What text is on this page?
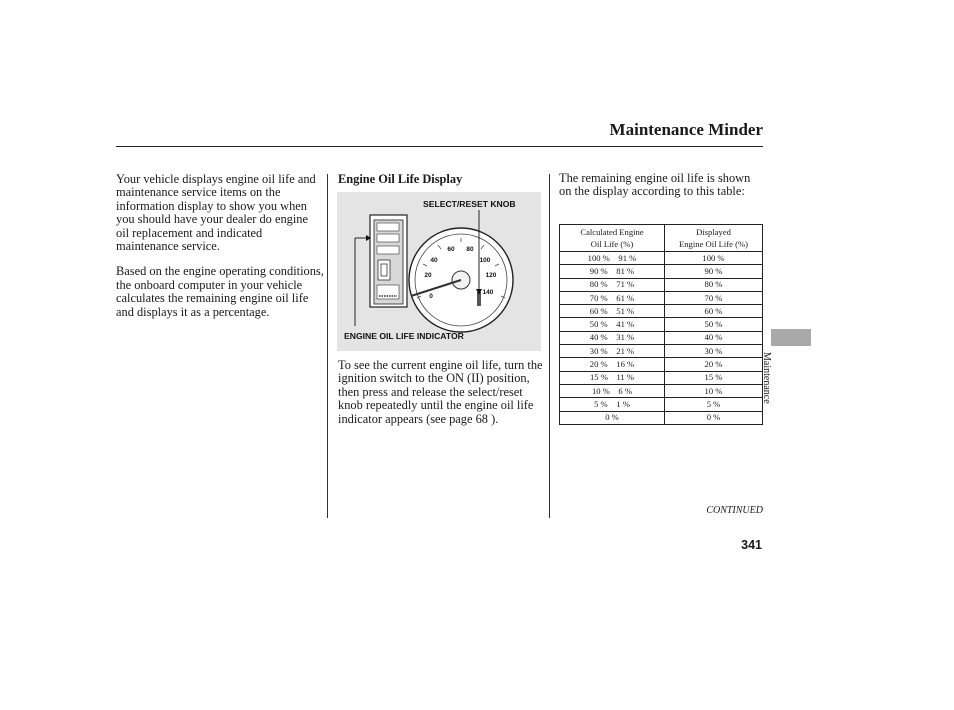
Maintenance Minder

Your vehicle displays engine oil life and maintenance service items on the information display to show you when you should have your dealer do engine oil replacement and indicated maintenance service.

Based on the engine operating conditions, the onboard computer in your vehicle calculates the remaining engine oil life and displays it as a percentage.

Engine Oil Life Display
60 80
40	100
20	120
0
140
SELECT/RESET KNOB
ENGINE OIL LIFE INDICATOR
To see the current engine oil life, turn the ignition switch to the ON (II) position, then press and release the select/reset knob repeatedly until the engine oil life indicator appears (see page 68 ).
The remaining engine oil life is shown on the display according to this table:
Calculated Engine
Oil Life (%)	Displayed
Engine Oil Life (%)
100 %    91 %	100 %
90 %    81 %	90 %
80 %    71 %	80 %
70 %    61 %	70 %
60 %    51 %	60 %
50 %    41 %	50 %
40 %    31 %	40 %
30 %    21 %	30 %
20 %    16 %	20 %
15 %    11 %	15 %
10 %    6 %	10 %
5 %    1 %	5 %
0 %	0 %
Maintenance
CONTINUED
341
